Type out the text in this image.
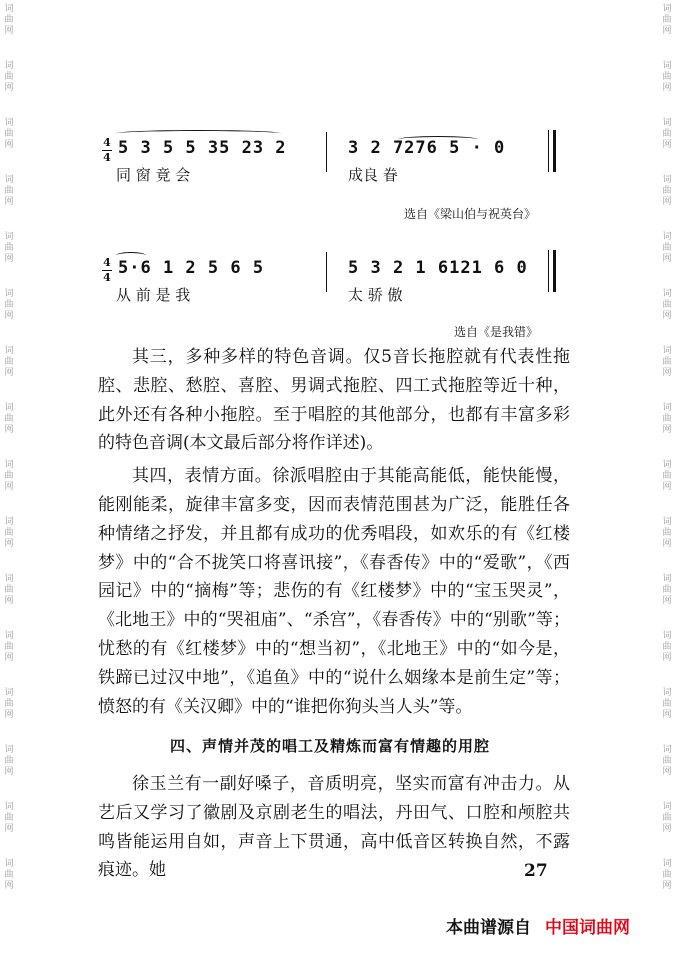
词
曲
网
词
曲
网
词
曲
网
词
曲
网
词
曲
网
词
曲
网
词
曲
网
词
曲
网
词
曲
网
词
曲
网
词
曲
网
词
曲
网
词
曲
网
词
曲
网
词
曲
网
词
曲
网
词
曲
网
词
曲
网
词
曲
网
词
曲
网
词
曲
网
词
曲
网
词
曲
网
词
曲
网
词
曲
网
词
曲
网
词
曲
网
词
曲
网
词
曲
网
词
曲
网
词
曲
网
词
曲
网
4
4 5 3 5 5 35 23 2
同 窗 竟 会
3 2 7276 5 · 0
成良 眷
选自《梁山伯与祝英台》
4
4 5·6 1 2 5 6 5
从 前 是 我
5 3 2 1 6121 6 0
太 骄 傲
选自《是我错》

其三，多种多样的特色音调。仅5音长拖腔就有代表性拖腔、悲腔、愁腔、喜腔、男调式拖腔、四工式拖腔等近十种，此外还有各种小拖腔。至于唱腔的其他部分，也都有丰富多彩的特色音调(本文最后部分将作详述)。

其四，表情方面。徐派唱腔由于其能高能低，能快能慢，能刚能柔，旋律丰富多变，因而表情范围甚为广泛，能胜任各种情绪之抒发，并且都有成功的优秀唱段，如欢乐的有《红楼梦》中的“合不拢笑口将喜讯接”，《春香传》中的“爱歌”，《西园记》中的“摘梅”等；悲伤的有《红楼梦》中的“宝玉哭灵”，《北地王》中的“哭祖庙”、“杀宫”，《春香传》中的“别歌”等；忧愁的有《红楼梦》中的“想当初”，《北地王》中的“如今是，铁蹄已过汉中地”，《追鱼》中的“说什么姻缘本是前生定”等；愤怒的有《关汉卿》中的“谁把你狗头当人头”等。

四、声情并茂的唱工及精炼而富有情趣的用腔

徐玉兰有一副好嗓子，音质明亮，坚实而富有冲击力。从艺后又学习了徽剧及京剧老生的唱法，丹田气、口腔和颅腔共鸣皆能运用自如，声音上下贯通，高中低音区转换自然，不露痕迹。她	27
本曲谱源自 中国词曲网
